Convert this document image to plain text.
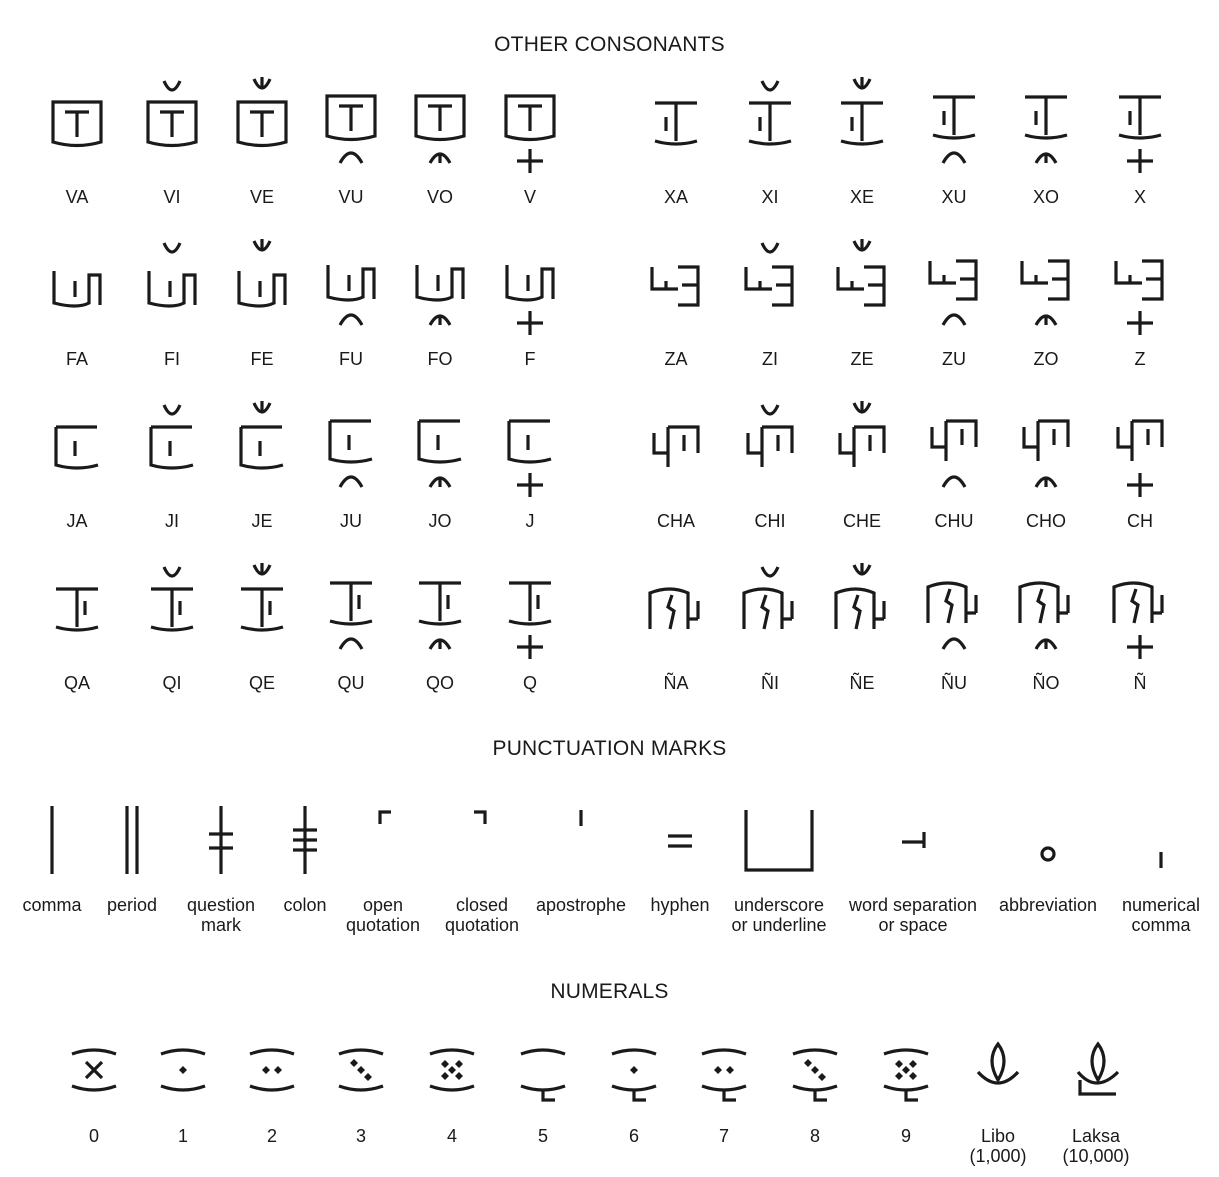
OTHER CONSONANTS
PUNCTUATION MARKS
NUMERALS
VA	VI	VE	VU	VO	V
FA	FI	FE	FU	FO	F
JA	JI	JE	JU	JO	J
QA	QI	QE	QU	QO	Q
XA	XI	XE	XU	XO	X
ZA	ZI	ZE	ZU	ZO	Z
CHA	CHI	CHE	CHU	CHO	CH
ÑA	ÑI	ÑE	ÑU	ÑO	Ñ
comma period question
mark
colon	open
quotation
closed
quotation
apostrophe hyphen underscore
or underline
word separation
or space
abbreviation numerical
comma
0	1	2	3	4	5	6	7	8	9	Libo
(1,000)
Laksa
(10,000)
